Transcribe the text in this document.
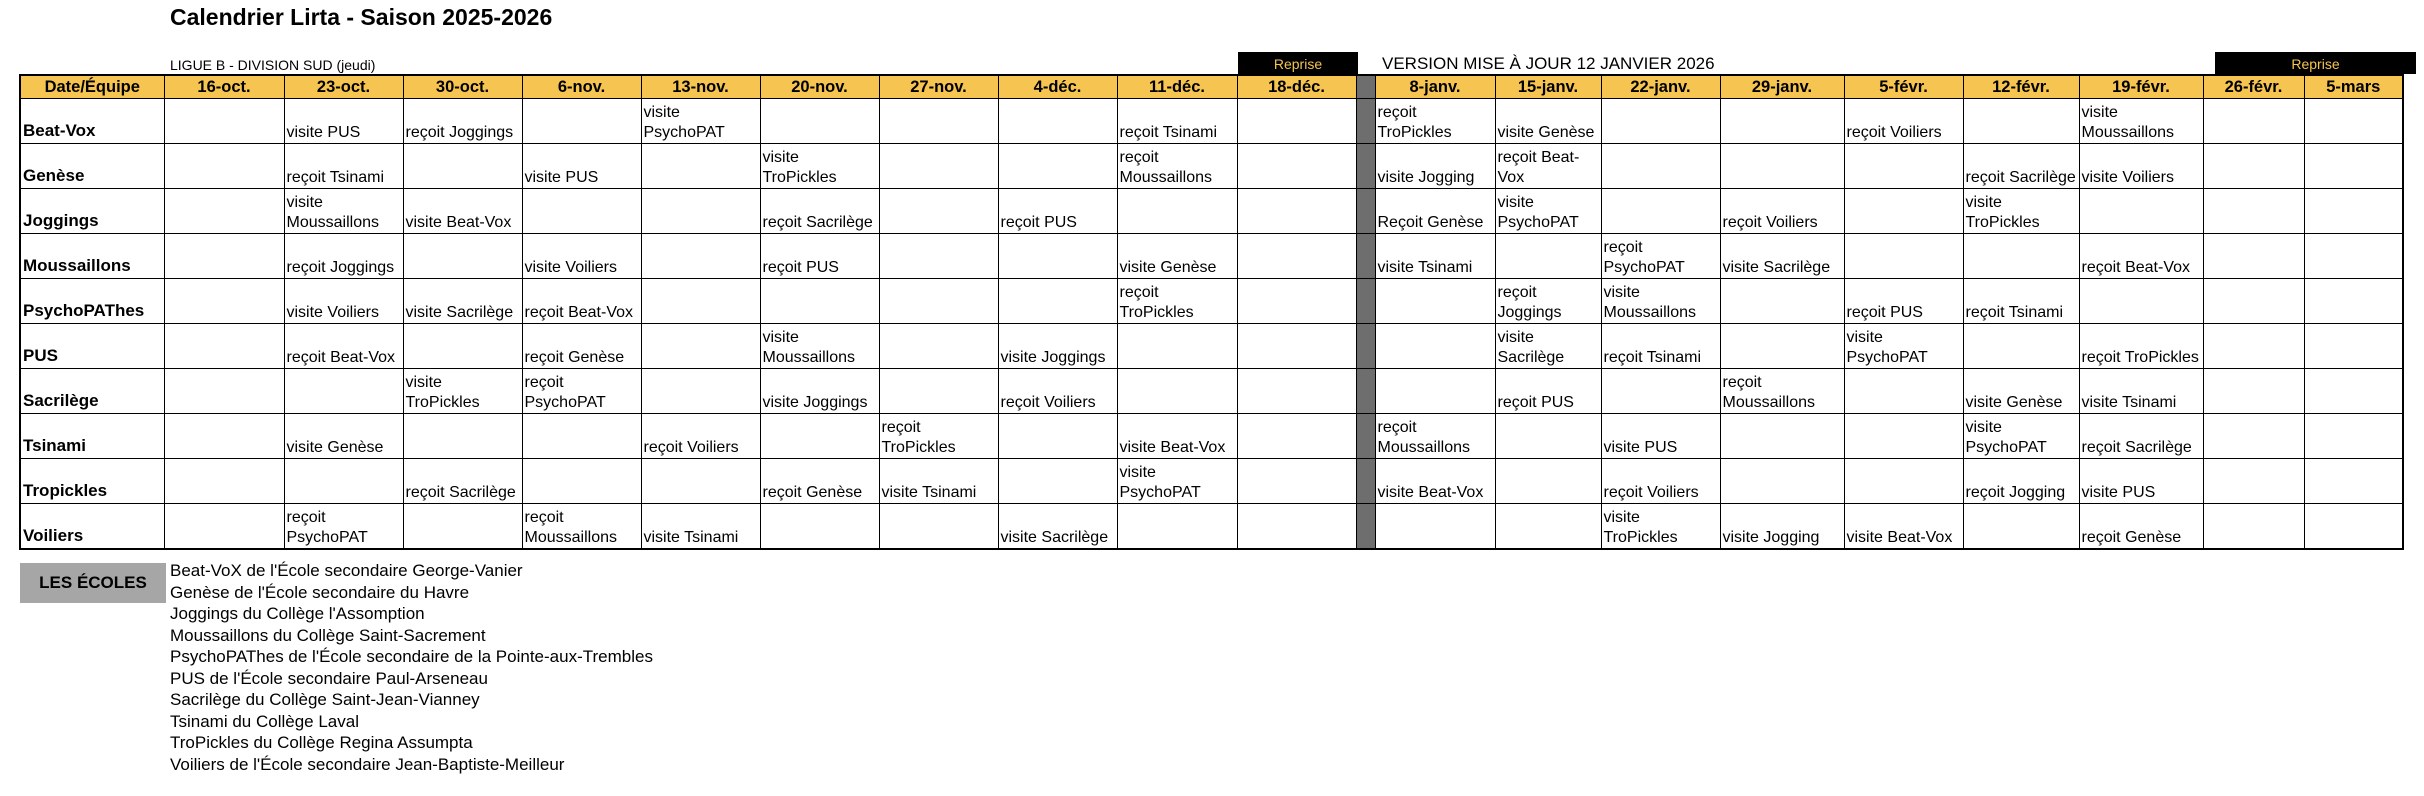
Calendrier Lirta - Saison 2025-2026
LIGUE B - DIVISION SUD (jeudi)	VERSION MISE À JOUR 12 JANVIER 2026
Reprise	Reprise
Date/Équipe	16-oct.	23-oct.	30-oct.	6-nov.	13-nov.	20-nov.	27-nov.	4-déc.	11-déc.	18-déc.		8-janv.	15-janv.	22-janv.	29-janv.	5-févr.	12-févr.	19-févr.	26-févr.	5-mars
Beat-Vox		visite PUS	reçoit Joggings		visite PsychoPAT				reçoit Tsinami			reçoit TroPickles	visite Genèse			reçoit Voiliers		visite Moussaillons		
Genèse		reçoit Tsinami		visite PUS		visite TroPickles			reçoit Moussaillons			visite Jogging	reçoit Beat-Vox				reçoit Sacrilège	visite Voiliers		
Joggings		visite Moussaillons	visite Beat-Vox			reçoit Sacrilège		reçoit PUS				Reçoit Genèse	visite PsychoPAT		reçoit Voiliers		visite TroPickles			
Moussaillons		reçoit Joggings		visite Voiliers		reçoit PUS			visite Genèse			visite Tsinami		reçoit PsychoPAT	visite Sacrilège			reçoit Beat-Vox		
PsychoPAThes		visite Voiliers	visite Sacrilège	reçoit Beat-Vox					reçoit TroPickles				reçoit Joggings	visite Moussaillons		reçoit PUS	reçoit Tsinami			
PUS		reçoit Beat-Vox		reçoit Genèse		visite Moussaillons		visite Joggings					visite Sacrilège	reçoit Tsinami		visite PsychoPAT		reçoit TroPickles		
Sacrilège			visite TroPickles	reçoit PsychoPAT		visite Joggings		reçoit Voiliers					reçoit PUS		reçoit Moussaillons		visite Genèse	visite Tsinami		
Tsinami		visite Genèse			reçoit Voiliers		reçoit TroPickles		visite Beat-Vox			reçoit Moussaillons		visite PUS			visite PsychoPAT	reçoit Sacrilège		
Tropickles			reçoit Sacrilège			reçoit Genèse	visite Tsinami		visite PsychoPAT			visite Beat-Vox		reçoit Voiliers			reçoit Jogging	visite PUS		
Voiliers		reçoit PsychoPAT		reçoit Moussaillons	visite Tsinami			visite Sacrilège						visite TroPickles	visite Jogging	visite Beat-Vox		reçoit Genèse		
LES ÉCOLES
Beat-VoX de l'École secondaire George-Vanier
Genèse de l'École secondaire du Havre
Joggings du Collège l'Assomption
Moussaillons du Collège Saint-Sacrement
PsychoPAThes de l'École secondaire de la Pointe-aux-Trembles
PUS de l'École secondaire Paul-Arseneau
Sacrilège du Collège Saint-Jean-Vianney
Tsinami du Collège Laval
TroPickles du Collège Regina Assumpta
Voiliers de l'École secondaire Jean-Baptiste-Meilleur
